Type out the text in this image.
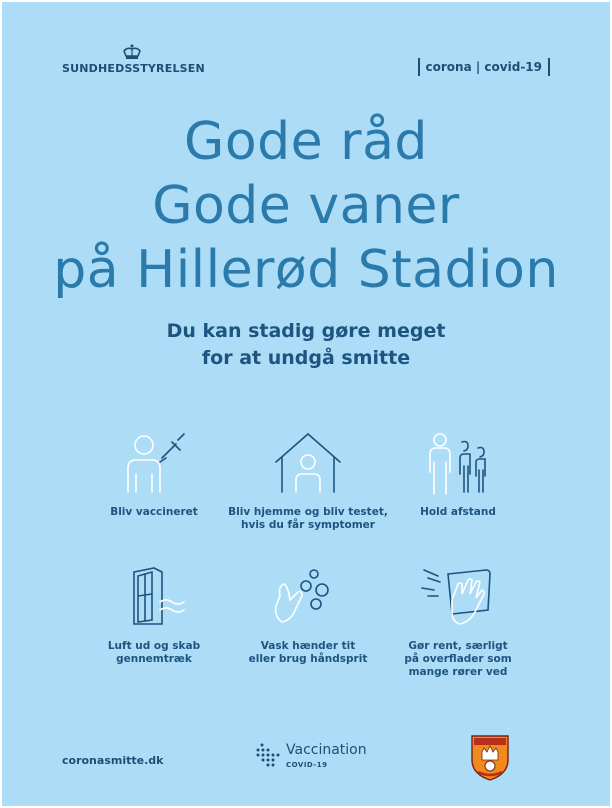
SUNDHEDSSTYRELSEN	corona | covid-19
Gode råd
Gode vaner
på Hillerød Stadion
Du kan stadig gøre meget
for at undgå smitte
Bliv vaccineret	Bliv hjemme og bliv testet,
hvis du får symptomer
Hold afstand
Luft ud og skab
gennemtræk
Vask hænder tit
eller brug håndsprit
Gør rent, særligt
på overflader som
mange rører ved
coronasmitte.dk
Vaccination
COVID-19
